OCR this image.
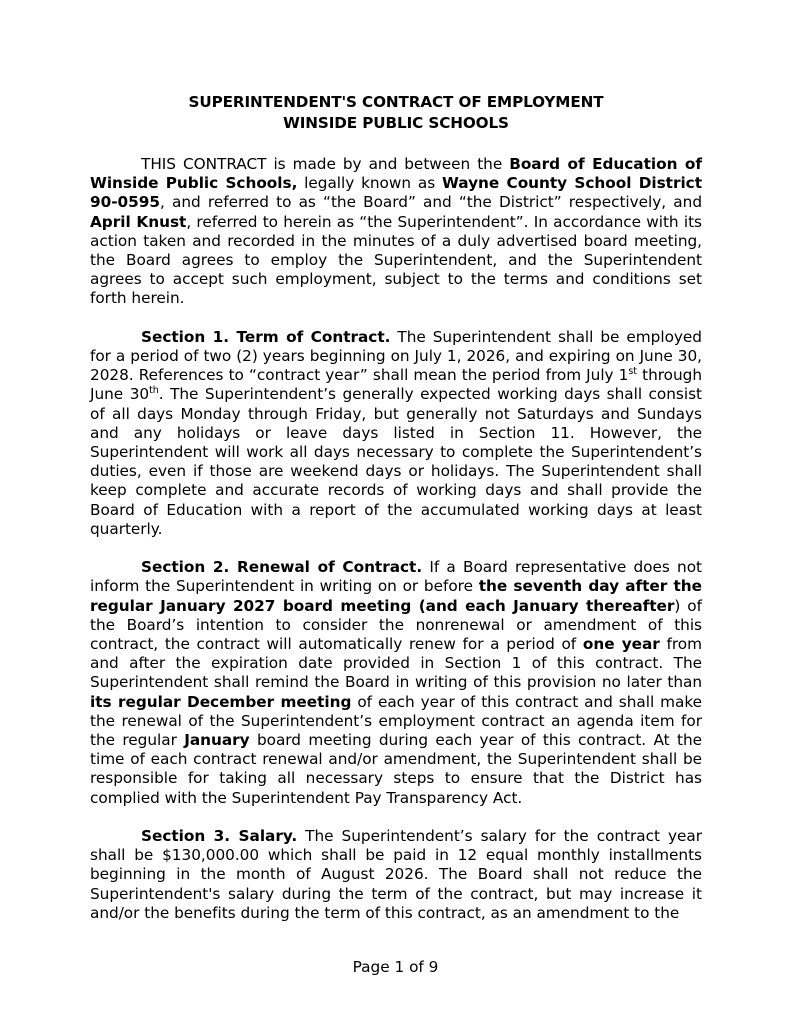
SUPERINTENDENT'S CONTRACT OF EMPLOYMENT
WINSIDE PUBLIC SCHOOLS

THIS CONTRACT is made by and between the Board of Education of Winside Public Schools, legally known as Wayne County School District 90-0595, and referred to as “the Board” and “the District” respectively, and April Knust, referred to herein as “the Superintendent”. In accordance with its action taken and recorded in the minutes of a duly advertised board meeting, the Board agrees to employ the Superintendent, and the Superintendent agrees to accept such employment, subject to the terms and conditions set forth herein.

Section 1. Term of Contract. The Superintendent shall be employed for a period of two (2) years beginning on July 1, 2026, and expiring on June 30, 2028. References to “contract year” shall mean the period from July 1st through June 30th. The Superintendent’s generally expected working days shall consist of all days Monday through Friday, but generally not Saturdays and Sundays and any holidays or leave days listed in Section 11. However, the Superintendent will work all days necessary to complete the Superintendent’s duties, even if those are weekend days or holidays. The Superintendent shall keep complete and accurate records of working days and shall provide the Board of Education with a report of the accumulated working days at least quarterly.

Section 2. Renewal of Contract. If a Board representative does not inform the Superintendent in writing on or before the seventh day after the regular January 2027 board meeting (and each January thereafter) of the Board’s intention to consider the nonrenewal or amendment of this contract, the contract will automatically renew for a period of one year from and after the expiration date provided in Section 1 of this contract. The Superintendent shall remind the Board in writing of this provision no later than its regular December meeting of each year of this contract and shall make the renewal of the Superintendent’s employment contract an agenda item for the regular January board meeting during each year of this contract. At the time of each contract renewal and/or amendment, the Superintendent shall be responsible for taking all necessary steps to ensure that the District has complied with the Superintendent Pay Transparency Act.

Section 3. Salary. The Superintendent’s salary for the contract year shall be $130,000.00 which shall be paid in 12 equal monthly installments beginning in the month of August 2026. The Board shall not reduce the Superintendent's salary during the term of the contract, but may increase it and/or the benefits during the term of this contract, as an amendment to the

Page 1 of 9
